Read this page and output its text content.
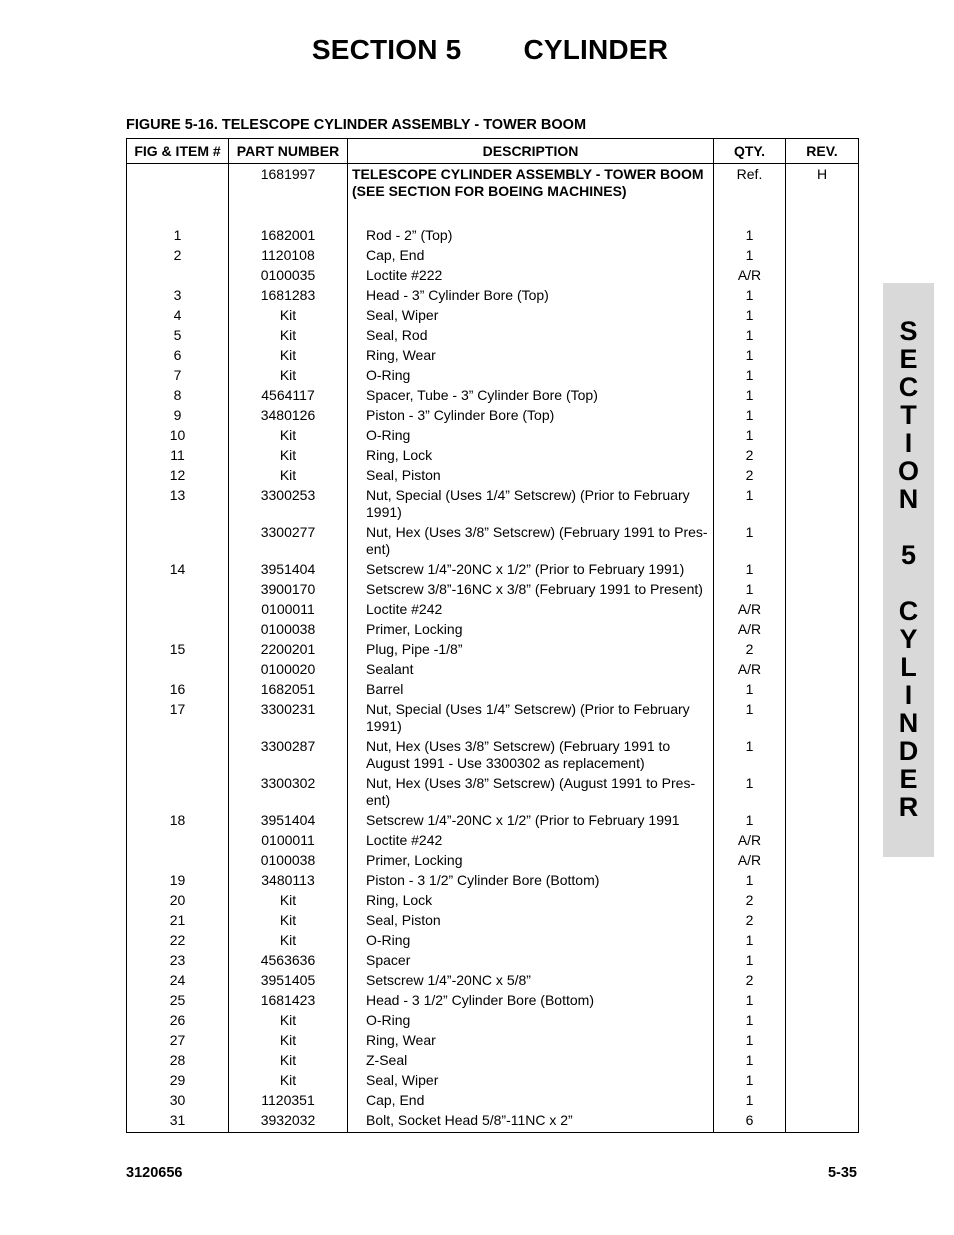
SECTION 5 CYLINDER
FIGURE 5-16. TELESCOPE CYLINDER ASSEMBLY - TOWER BOOM
FIG & ITEM #	PART NUMBER	DESCRIPTION	QTY.	REV.
	1681997	TELESCOPE CYLINDER ASSEMBLY - TOWER BOOM (SEE SECTION FOR BOEING MACHINES)	Ref.	H
1	1682001	Rod - 2” (Top)	1	
2	1120108	Cap, End	1	
	0100035	Loctite #222	A/R	
3	1681283	Head - 3” Cylinder Bore (Top)	1	
4	Kit	Seal, Wiper	1	
5	Kit	Seal, Rod	1	
6	Kit	Ring, Wear	1	
7	Kit	O-Ring	1	
8	4564117	Spacer, Tube - 3” Cylinder Bore (Top)	1	
9	3480126	Piston - 3” Cylinder Bore (Top)	1	
10	Kit	O-Ring	1	
11	Kit	Ring, Lock	2	
12	Kit	Seal, Piston	2	
13	3300253	Nut, Special (Uses 1/4” Setscrew) (Prior to February 1991)	1	
	3300277	Nut, Hex (Uses 3/8” Setscrew) (February 1991 to Pres-ent)	1	
14	3951404	Setscrew 1/4”-20NC x 1/2” (Prior to February 1991)	1	
	3900170	Setscrew 3/8”-16NC x 3/8” (February 1991 to Present)	1	
	0100011	Loctite #242	A/R	
	0100038	Primer, Locking	A/R	
15	2200201	Plug, Pipe -1/8”	2	
	0100020	Sealant	A/R	
16	1682051	Barrel	1	
17	3300231	Nut, Special (Uses 1/4” Setscrew) (Prior to February 1991)	1	
	3300287	Nut, Hex (Uses 3/8” Setscrew) (February 1991 to August 1991 - Use 3300302 as replacement)	1	
	3300302	Nut, Hex (Uses 3/8” Setscrew) (August 1991 to Pres-ent)	1	
18	3951404	Setscrew 1/4”-20NC x 1/2” (Prior to February 1991	1	
	0100011	Loctite #242	A/R	
	0100038	Primer, Locking	A/R	
19	3480113	Piston - 3 1/2” Cylinder Bore (Bottom)	1	
20	Kit	Ring, Lock	2	
21	Kit	Seal, Piston	2	
22	Kit	O-Ring	1	
23	4563636	Spacer	1	
24	3951405	Setscrew 1/4”-20NC x 5/8”	2	
25	1681423	Head - 3 1/2” Cylinder Bore (Bottom)	1	
26	Kit	O-Ring	1	
27	Kit	Ring, Wear	1	
28	Kit	Z-Seal	1	
29	Kit	Seal, Wiper	1	
30	1120351	Cap, End	1	
31	3932032	Bolt, Socket Head 5/8”-11NC x 2”	6	
S
E
C
T
I
O
N
5
C
Y
L
I
N
D
E
R
3120656	5-35
